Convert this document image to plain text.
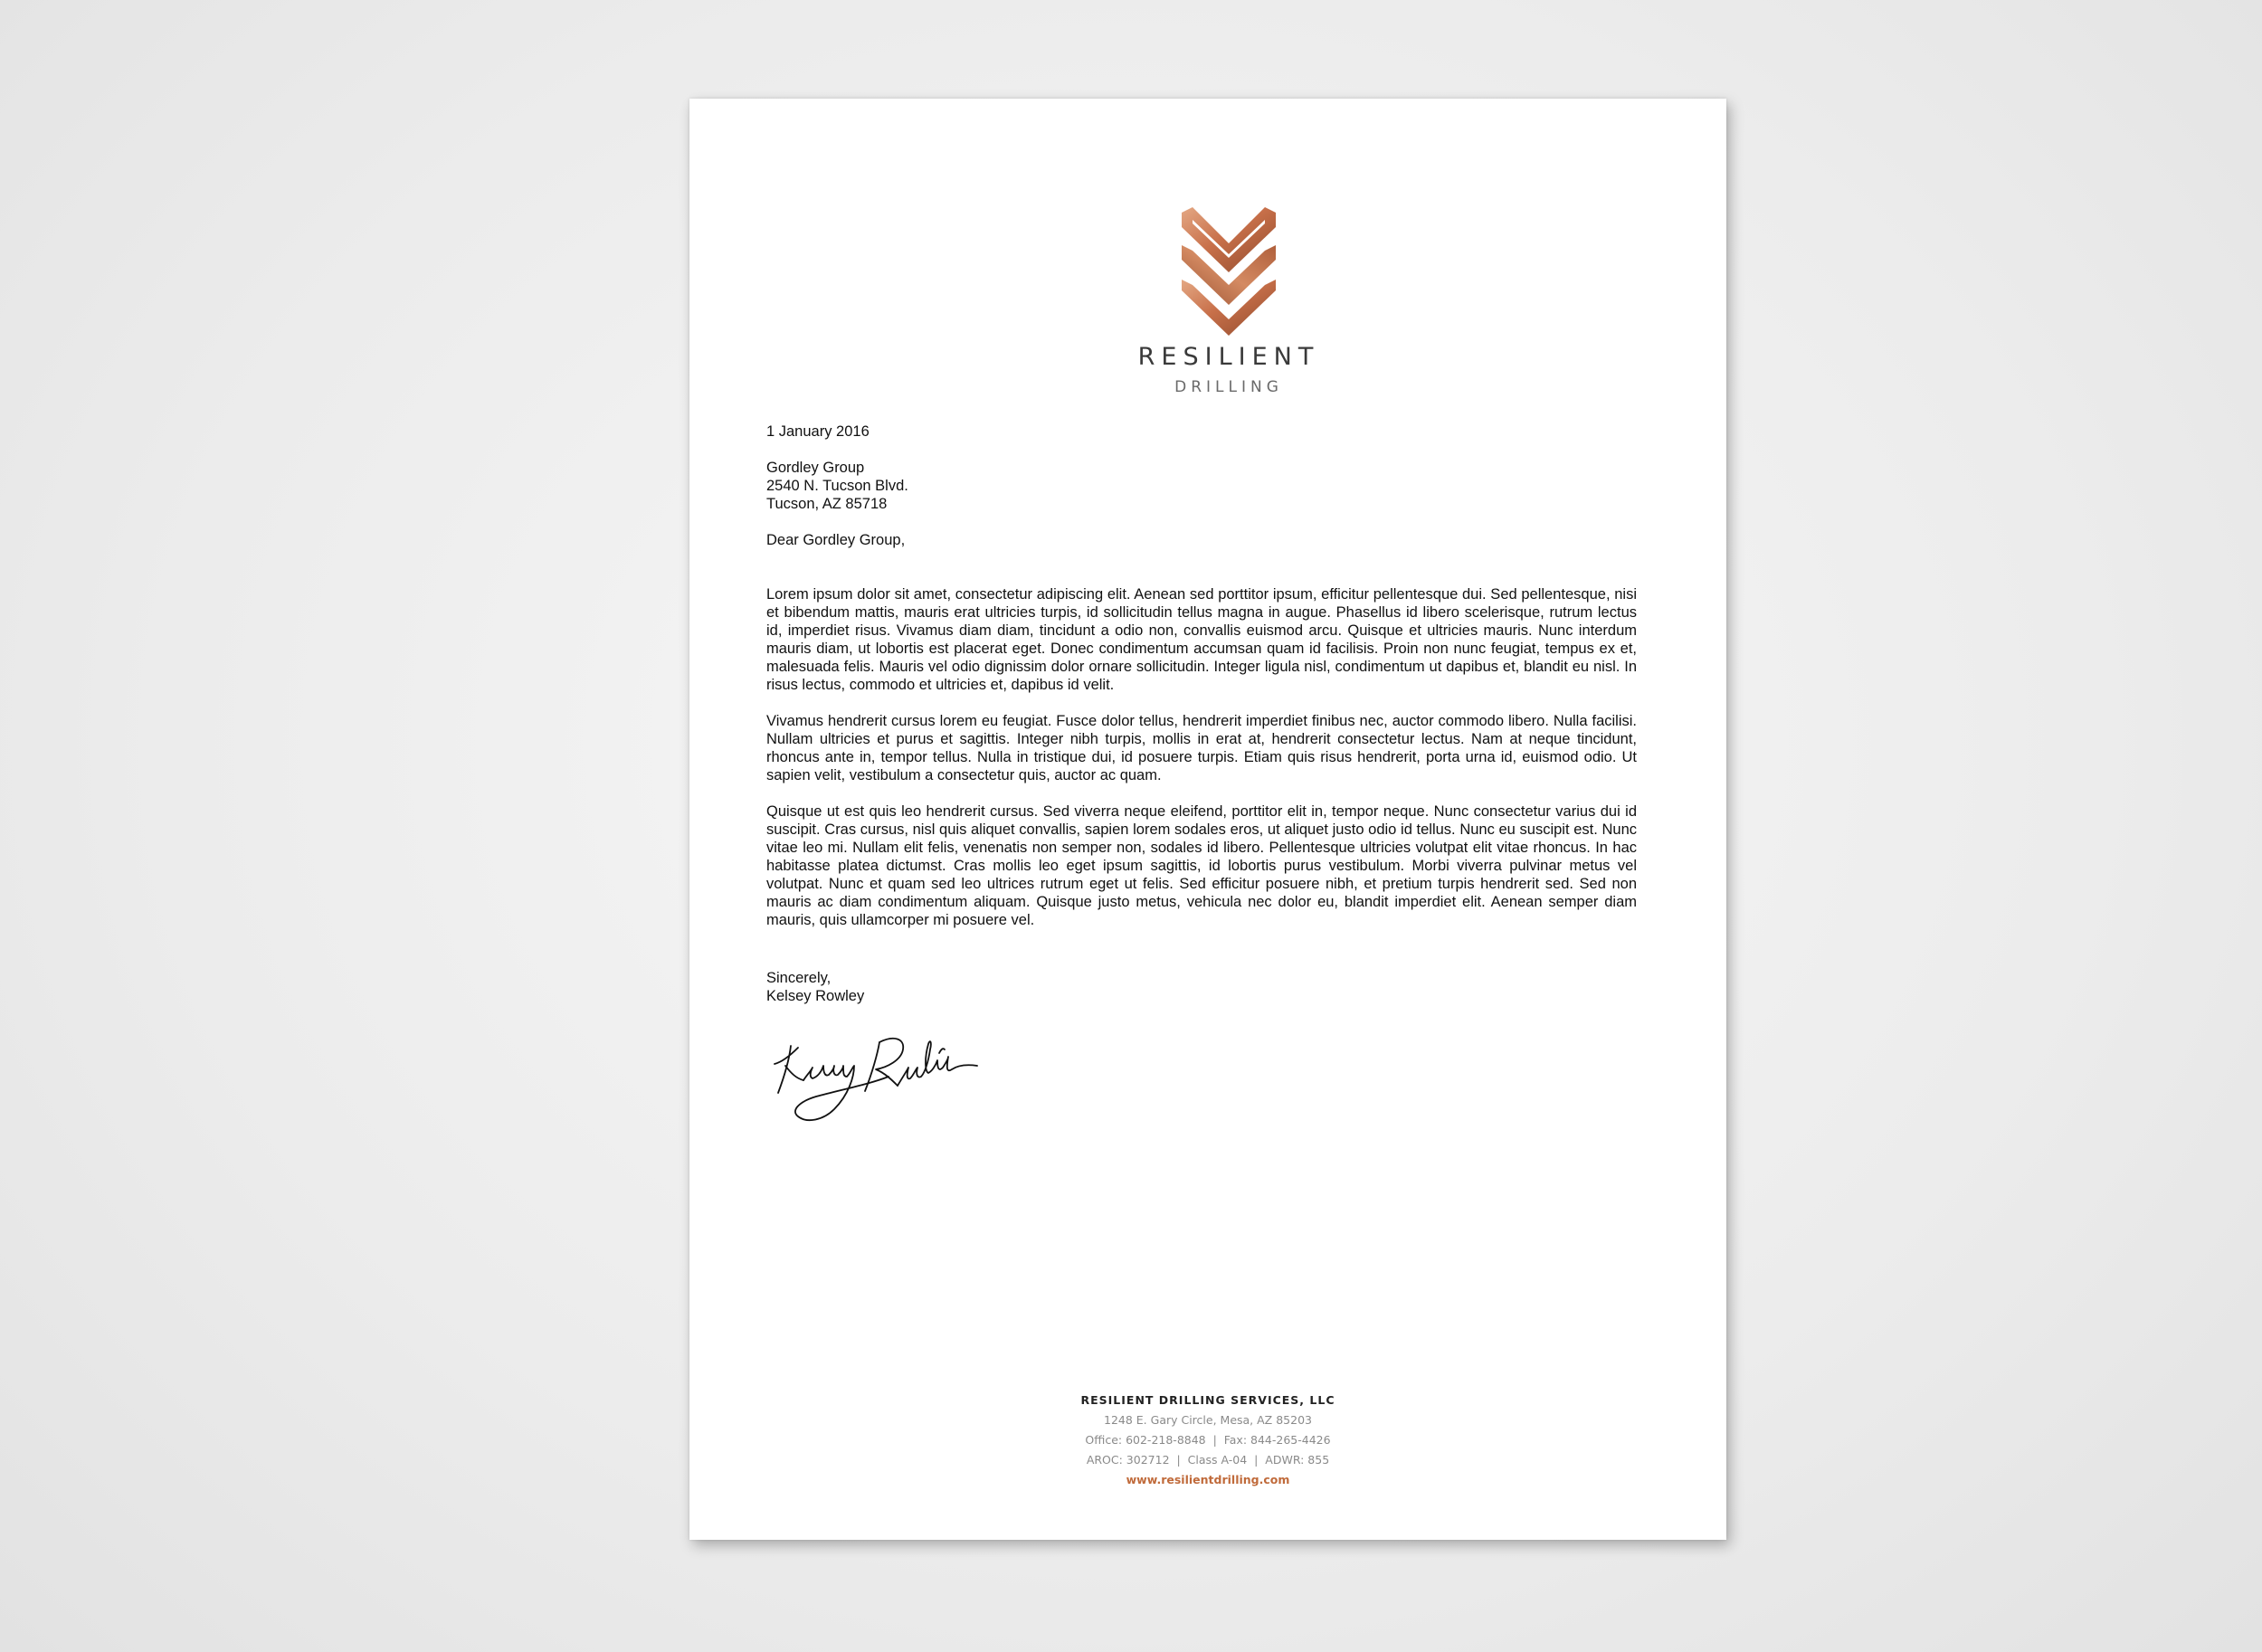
RESILIENT
DRILLING
1 January 2016
Gordley Group
2540 N. Tucson Blvd.
Tucson, AZ 85718
Dear Gordley Group,

Lorem ipsum dolor sit amet, consectetur adipiscing elit. Aenean sed porttitor ipsum, efficitur pellentesque dui. Sed pellentesque, nisi et bibendum mattis, mauris erat ultricies turpis, id sollicitudin tellus magna in augue. Phasellus id libero scelerisque, rutrum lectus id, imperdiet risus. Vivamus diam diam, tincidunt a odio non, convallis euismod arcu. Quisque et ultricies mauris. Nunc interdum mauris diam, ut lobortis est placerat eget. Donec condimentum accumsan quam id facilisis. Proin non nunc feugiat, tempus ex et, malesuada felis. Mauris vel odio dignissim dolor ornare sollicitudin. Integer ligula nisl, condimentum ut dapibus et, blandit eu nisl. In risus lectus, commodo et ultricies et, dapibus id velit.

Vivamus hendrerit cursus lorem eu feugiat. Fusce dolor tellus, hendrerit imperdiet finibus nec, auctor commodo libero. Nulla facilisi. Nullam ultricies et purus et sagittis. Integer nibh turpis, mollis in erat at, hendrerit consectetur lectus. Nam at neque tincidunt, rhoncus ante in, tempor tellus. Nulla in tristique dui, id posuere turpis. Etiam quis risus hendrerit, porta urna id, euismod odio. Ut sapien velit, vestibulum a consectetur quis, auctor ac quam.

Quisque ut est quis leo hendrerit cursus. Sed viverra neque eleifend, porttitor elit in, tempor neque. Nunc consectetur varius dui id suscipit. Cras cursus, nisl quis aliquet convallis, sapien lorem sodales eros, ut aliquet justo odio id tellus. Nunc eu suscipit est. Nunc vitae leo mi. Nullam elit felis, venenatis non semper non, sodales id libero. Pellentesque ultricies volutpat elit vitae rhoncus. In hac habitasse platea dictumst. Cras mollis leo eget ipsum sagittis, id lobortis purus vestibulum. Morbi viverra pulvinar metus vel volutpat. Nunc et quam sed leo ultrices rutrum eget ut felis. Sed efficitur posuere nibh, et pretium turpis hendrerit sed. Sed non mauris ac diam condimentum aliquam. Quisque justo metus, vehicula nec dolor eu, blandit imperdiet elit. Aenean semper diam mauris, quis ullamcorper mi posuere vel.

Sincerely,
Kelsey Rowley
RESILIENT DRILLING SERVICES, LLC
1248 E. Gary Circle, Mesa, AZ 85203
Office: 602-218-8848  |  Fax: 844-265-4426
AROC: 302712  |  Class A-04  |  ADWR: 855
www.resilientdrilling.com
